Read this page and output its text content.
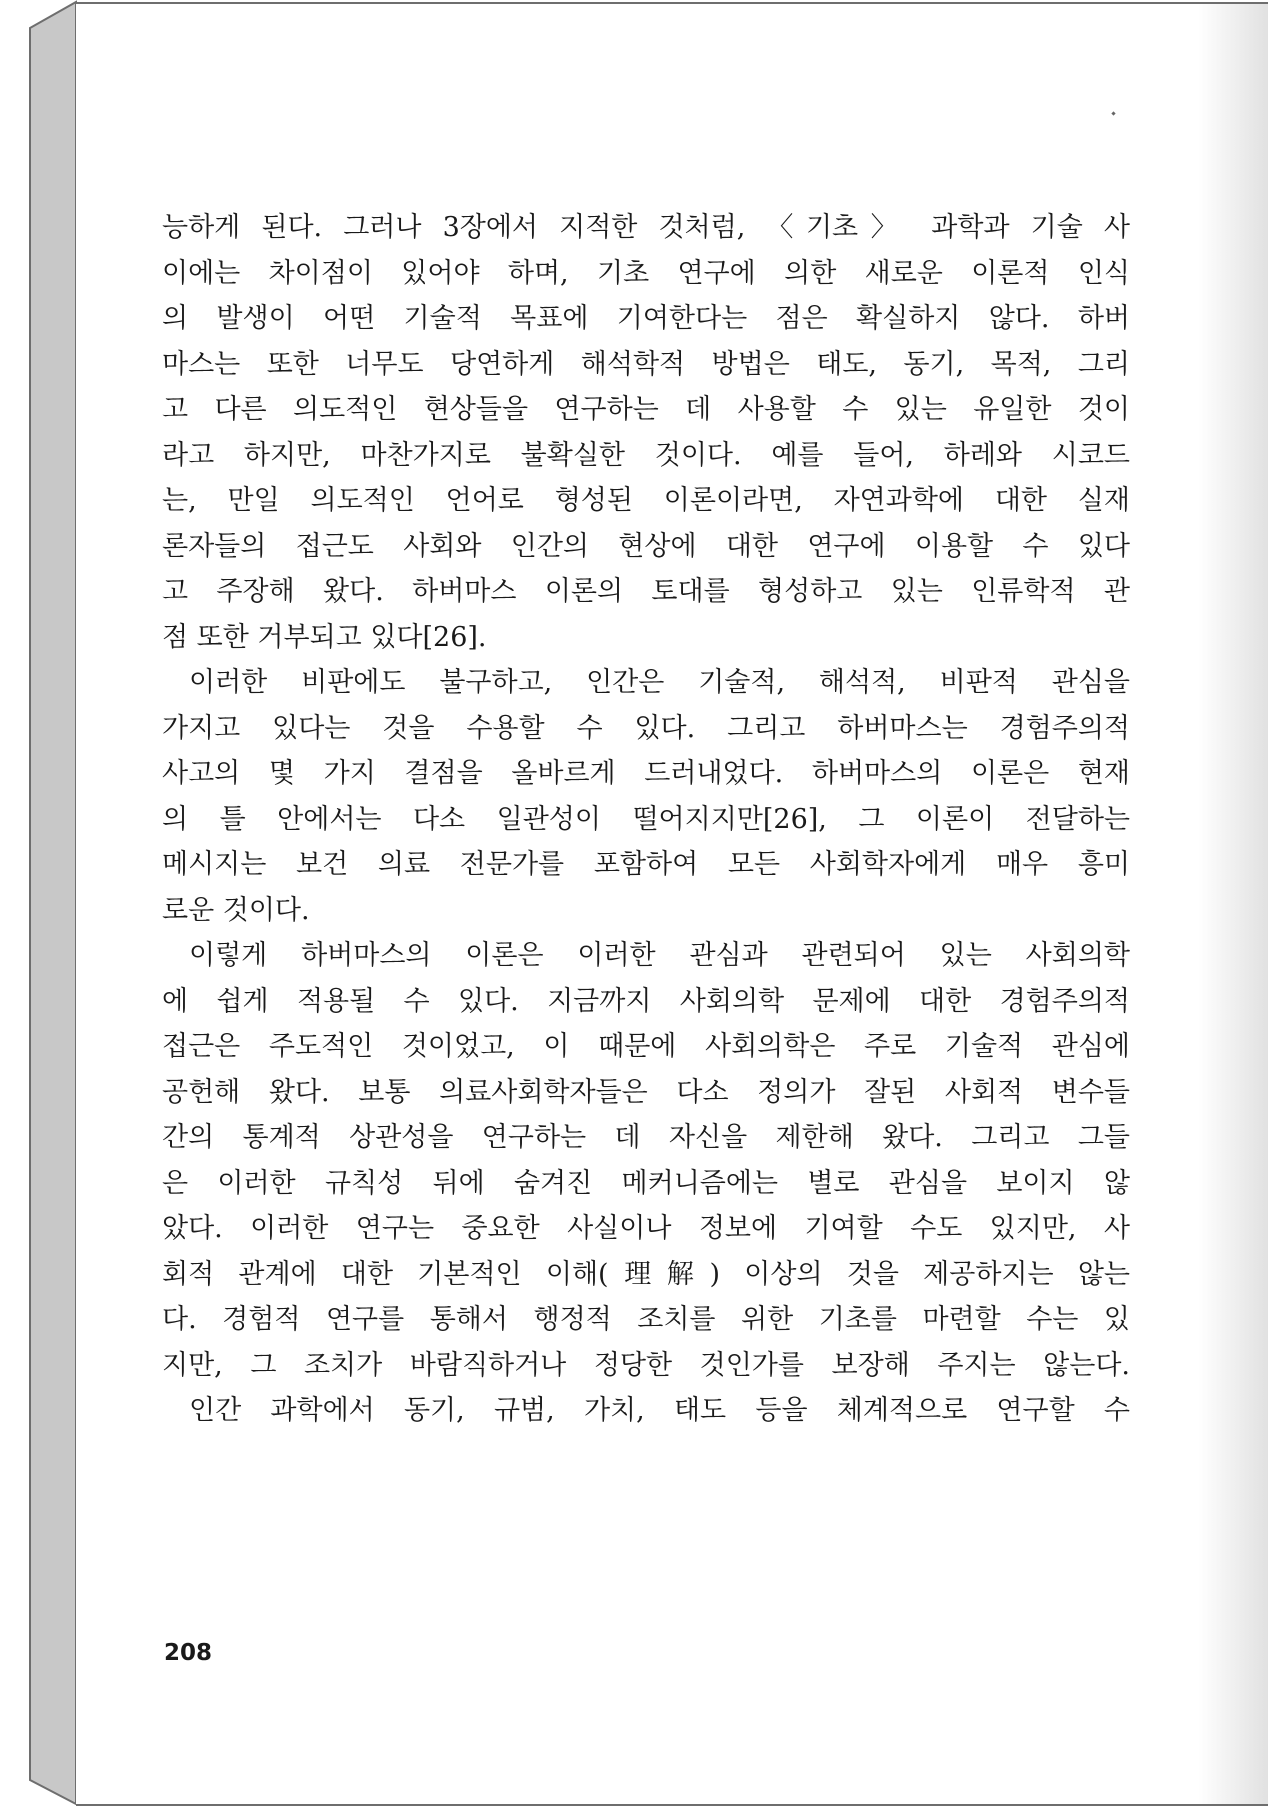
능하게 된다. 그러나 3장에서 지적한 것처럼, 〈기초〉 과학과 기술 사
이에는 차이점이 있어야 하며, 기초 연구에 의한 새로운 이론적 인식
의 발생이 어떤 기술적 목표에 기여한다는 점은 확실하지 않다. 하버
마스는 또한 너무도 당연하게 해석학적 방법은 태도, 동기, 목적, 그리
고 다른 의도적인 현상들을 연구하는 데 사용할 수 있는 유일한 것이
라고 하지만, 마찬가지로 불확실한 것이다. 예를 들어, 하레와 시코드
는, 만일 의도적인 언어로 형성된 이론이라면, 자연과학에 대한 실재
론자들의 접근도 사회와 인간의 현상에 대한 연구에 이용할 수 있다
고 주장해 왔다. 하버마스 이론의 토대를 형성하고 있는 인류학적 관
점 또한 거부되고 있다[26].
이러한 비판에도 불구하고, 인간은 기술적, 해석적, 비판적 관심을
가지고 있다는 것을 수용할 수 있다. 그리고 하버마스는 경험주의적
사고의 몇 가지 결점을 올바르게 드러내었다. 하버마스의 이론은 현재
의 틀 안에서는 다소 일관성이 떨어지지만[26], 그 이론이 전달하는
메시지는 보건 의료 전문가를 포함하여 모든 사회학자에게 매우 흥미
로운 것이다.
이렇게 하버마스의 이론은 이러한 관심과 관련되어 있는 사회의학
에 쉽게 적용될 수 있다. 지금까지 사회의학 문제에 대한 경험주의적
접근은 주도적인 것이었고, 이 때문에 사회의학은 주로 기술적 관심에
공헌해 왔다. 보통 의료사회학자들은 다소 정의가 잘된 사회적 변수들
간의 통계적 상관성을 연구하는 데 자신을 제한해 왔다. 그리고 그들
은 이러한 규칙성 뒤에 숨겨진 메커니즘에는 별로 관심을 보이지 않
았다. 이러한 연구는 중요한 사실이나 정보에 기여할 수도 있지만, 사
회적 관계에 대한 기본적인 이해(理解) 이상의 것을 제공하지는 않는
다. 경험적 연구를 통해서 행정적 조치를 위한 기초를 마련할 수는 있
지만, 그 조치가 바람직하거나 정당한 것인가를 보장해 주지는 않는다.
인간 과학에서 동기, 규범, 가치, 태도 등을 체계적으로 연구할 수
208
